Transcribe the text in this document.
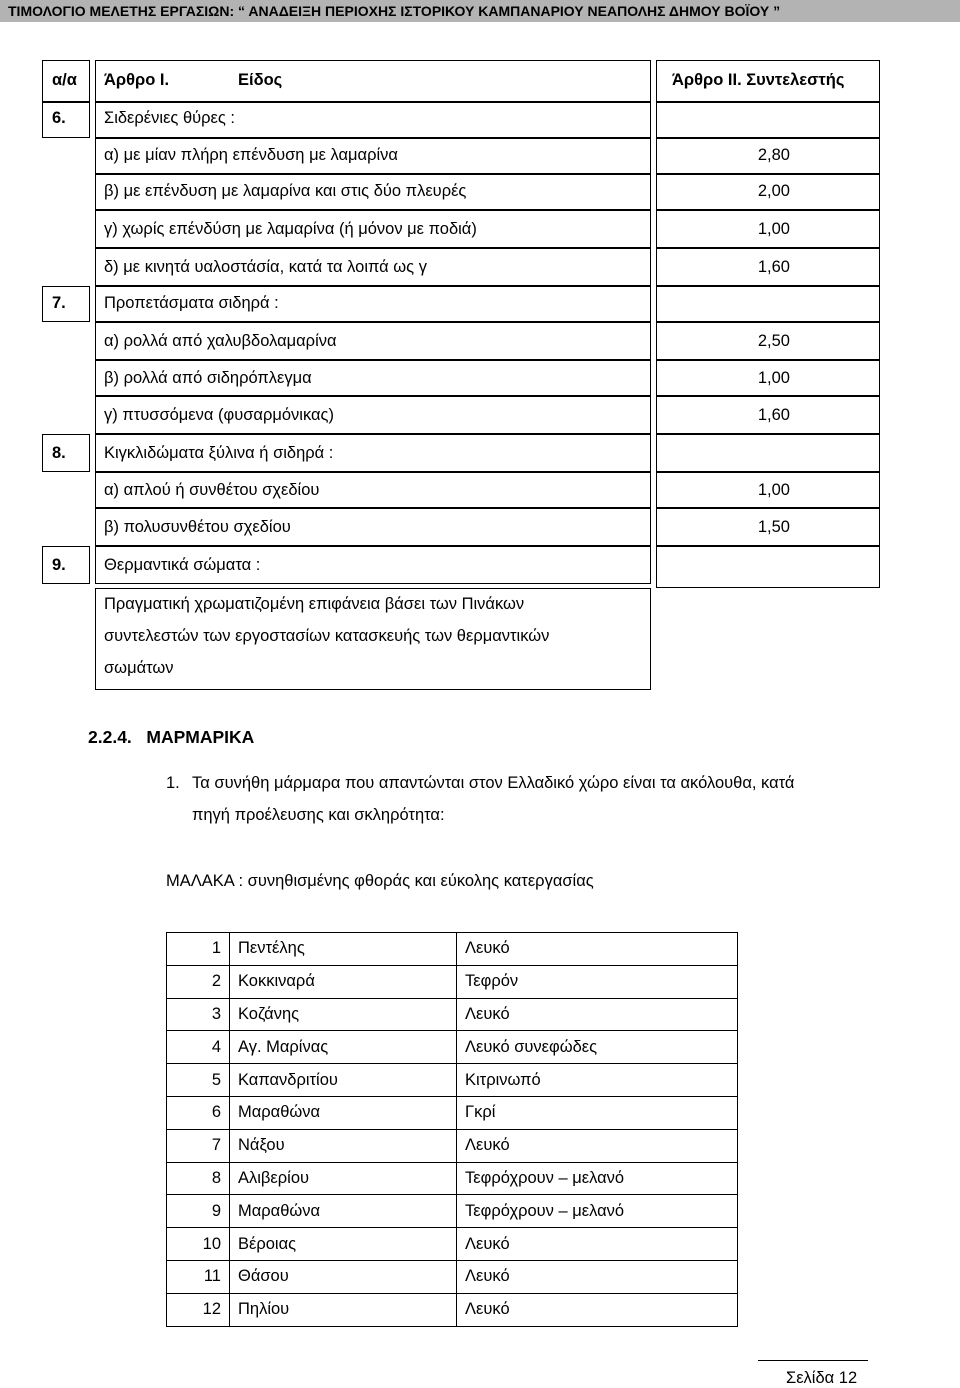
ΤΙΜΟΛΟΓΙΟ ΜΕΛΕΤΗΣ ΕΡΓΑΣΙΩΝ: “ ΑΝΑΔΕΙΞΗ ΠΕΡΙΟΧΗΣ ΙΣΤΟΡΙΚΟΥ ΚΑΜΠΑΝΑΡΙΟΥ ΝΕΑΠΟΛΗΣ ΔΗΜΟΥ ΒΟΪΟΥ ”
α/α Άρθρο Ι.	Είδος	Άρθρο ΙΙ. Συντελεστής
6. Σιδερένιες θύρες :
α) με μίαν πλήρη επένδυση με λαμαρίνα	2,80
β) με επένδυση με λαμαρίνα και στις δύο πλευρές	2,00
γ) χωρίς επένδύση με λαμαρίνα (ή μόνον με ποδιά)	1,00
δ) με κινητά υαλοστάσία, κατά τα λοιπά ως γ	1,60
7. Προπετάσματα σιδηρά :
α) ρολλά από χαλυβδολαμαρίνα	2,50
β) ρολλά από σιδηρόπλεγμα	1,00
γ) πτυσσόμενα (φυσαρμόνικας)	1,60
8. Κιγκλιδώματα ξύλινα ή σιδηρά :
α) απλού ή συνθέτου σχεδίου	1,00
β) πολυσυνθέτου σχεδίου	1,50
9. Θερμαντικά σώματα :
Πραγματική χρωματιζομένη επιφάνεια βάσει των Πινάκων
συντελεστών των εργοστασίων κατασκευής των θερμαντικών
σωμάτων
2.2.4.   ΜΑΡΜΑΡΙΚΑ
1. Τα συνήθη μάρμαρα που απαντώνται στον Ελλαδικό χώρο είναι τα ακόλουθα, κατά
πηγή προέλευσης και σκληρότητα:
ΜΑΛΑΚΑ : συνηθισμένης φθοράς και εύκολης κατεργασίας
1	Πεντέλης	Λευκό
2	Κοκκιναρά	Τεφρόν
3	Κοζάνης	Λευκό
4	Αγ. Μαρίνας	Λευκό συνεφώδες
5	Καπανδριτίου	Κιτρινωπό
6	Μαραθώνα	Γκρί
7	Νάξου	Λευκό
8	Αλιβερίου	Τεφρόχρουν – μελανό
9	Μαραθώνα	Τεφρόχρουν – μελανό
10	Βέροιας	Λευκό
11	Θάσου	Λευκό
12	Πηλίου	Λευκό
Σελίδα 12
